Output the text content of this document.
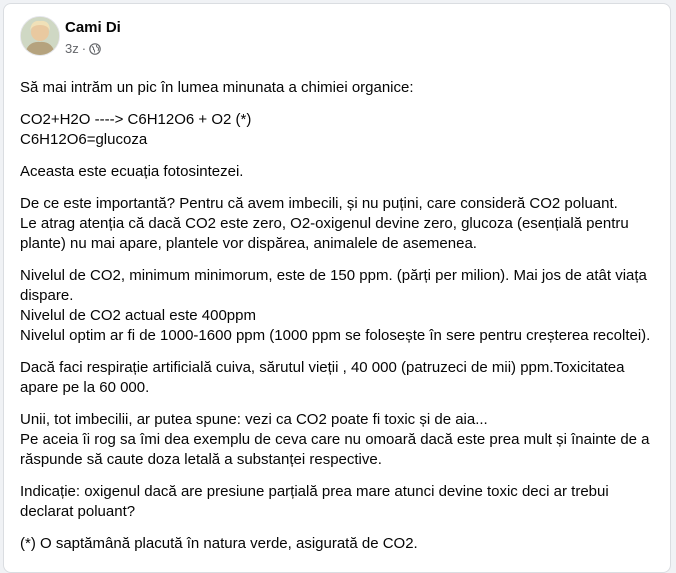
Cami Di
3z ·
Să mai intrăm un pic în lumea minunata a chimiei organice:
CO2+H2O ----> C6H12O6 + O2 (*)
C6H12O6=glucoza
Aceasta este ecuația fotosintezei.
De ce este importantă? Pentru că avem imbecili, și nu puțini, care consideră CO2 poluant.
Le atrag atenția că dacă CO2 este zero, O2-oxigenul devine zero, glucoza (esențială pentru plante) nu mai apare, plantele vor dispărea, animalele de asemenea.
Nivelul de CO2, minimum minimorum, este de 150 ppm. (părți per milion). Mai jos de atât viața dispare.
Nivelul de CO2 actual este 400ppm
Nivelul optim ar fi de 1000-1600 ppm (1000 ppm se folosește în sere pentru creșterea recoltei).
Dacă faci respirație artificială cuiva, sărutul vieții , 40 000 (patruzeci de mii) ppm.Toxicitatea apare pe la 60 000.
Unii, tot imbecilii, ar putea spune: vezi ca CO2 poate fi toxic și de aia...
Pe aceia îi rog sa îmi dea exemplu de ceva care nu omoară dacă este prea mult și înainte de a răspunde să caute doza letală a substanței respective.
Indicație: oxigenul dacă are presiune parțială prea mare atunci devine toxic deci ar trebui declarat poluant?
(*) O saptămână placută în natura verde, asigurată de CO2.
